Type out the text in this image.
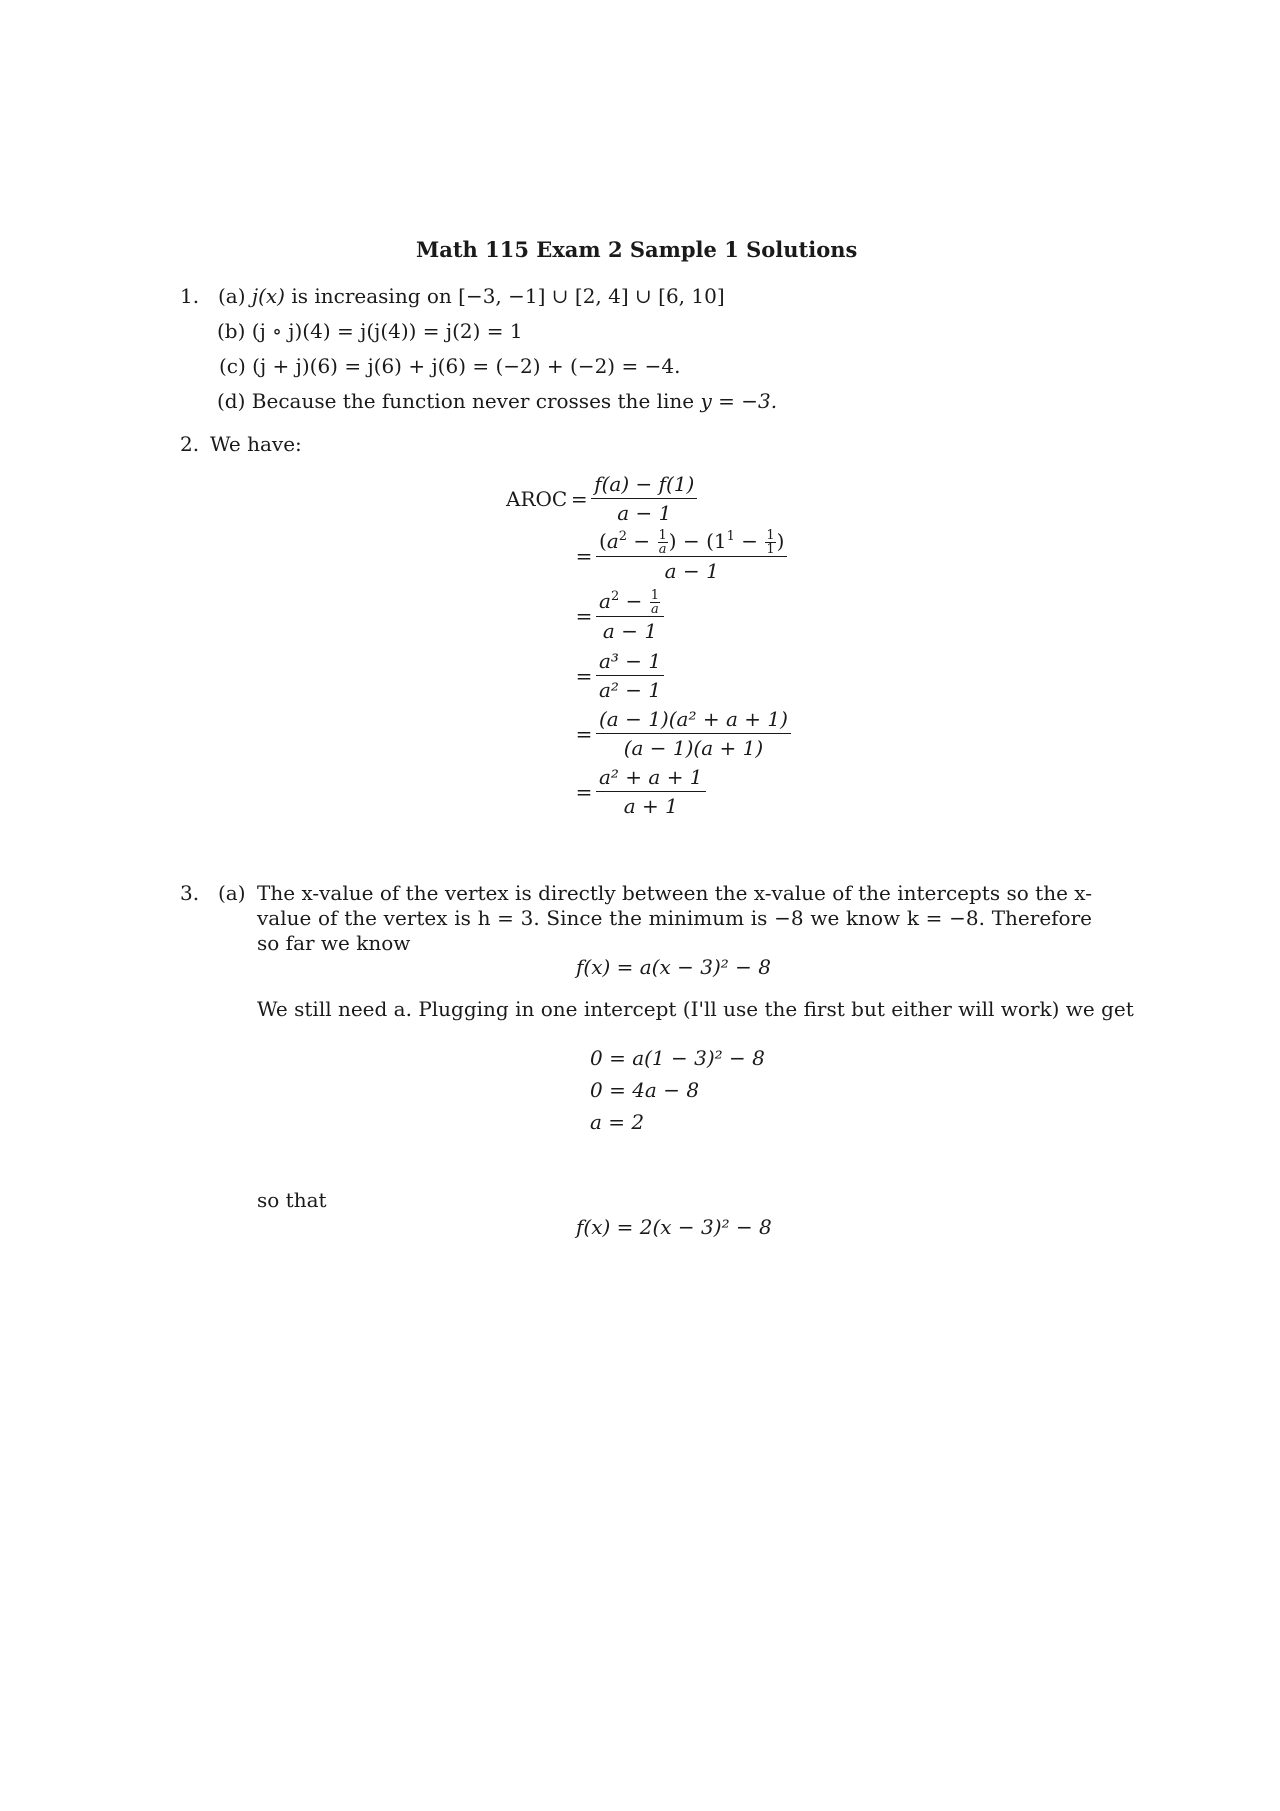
Math 115 Exam 2 Sample 1 Solutions
1. (a) j(x) is increasing on [−3, −1] ∪ [2, 4] ∪ [6, 10]
(b) (j ∘ j)(4) = j(j(4)) = j(2) = 1
(c) (j + j)(6) = j(6) + j(6) = (−2) + (−2) = −4.
(d) Because the function never crosses the line y = −3.
2. We have:
AROC = $\frac{f(a) - f(1)}{a - 1}$
= $\frac{(a^2 - \frac{1}{a} ) - (1^1 - \frac{1}{1} )}{a - 1}$
= $\frac{a^2 - \frac{1}{a}}{a - 1}$
= $\frac{\text{a³ − 1}}{\text{a² − 1}}$
= $\frac{\text{(a − 1)(a² + a + 1)}}{(a - 1)(a + 1)}$
= $\frac{\text{a² + a + 1}}{a + 1}$
3. (a) The x-value of the vertex is directly between the x-value of the intercepts so the x-value of the vertex is h = 3. Since the minimum is −8 we know k = −8. Therefore so far we know
f(x) = a(x − 3)² − 8
We still need a. Plugging in one intercept (I'll use the first but either will work) we get
0 = a(1 − 3)² − 8
0 = 4a − 8
a = 2
so that
f(x) = 2(x − 3)² − 8
